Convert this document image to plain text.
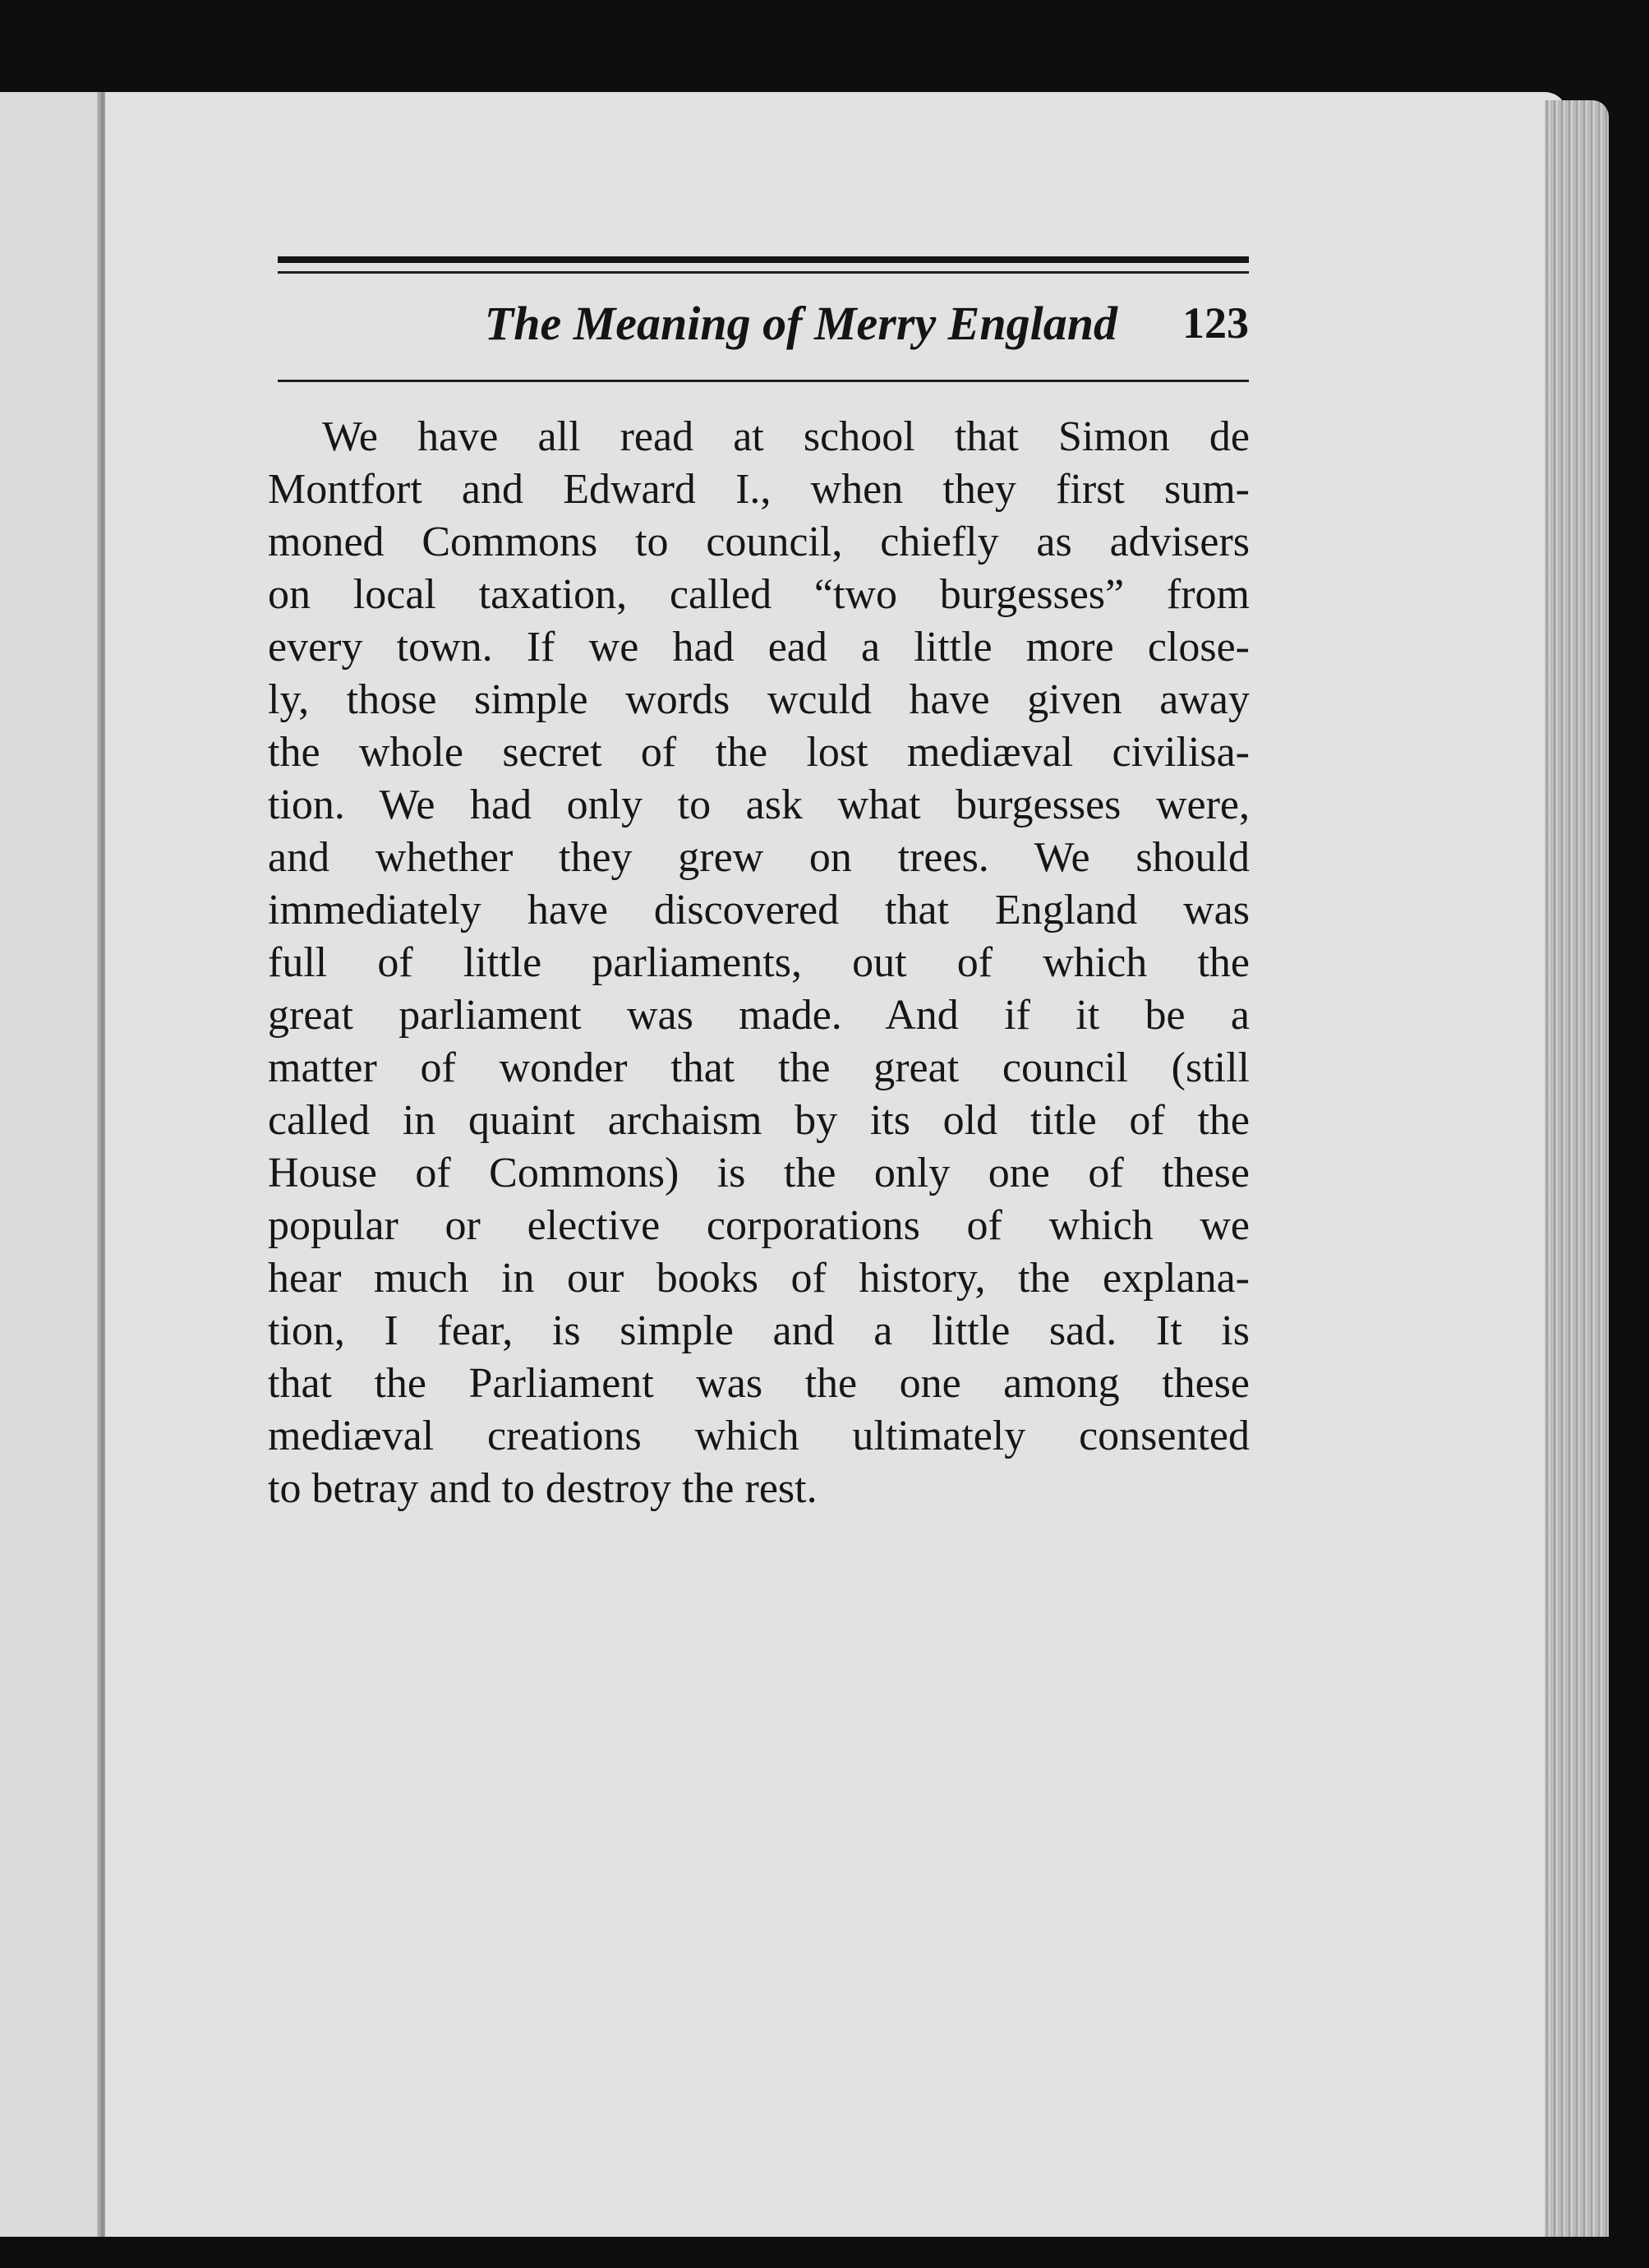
The Meaning of Merry England 123
We have all read at school that Simon de
Montfort and Edward I., when they first sum-
moned Commons to council, chiefly as advisers
on local taxation, called “two burgesses” from
every town. If we had ead a little more close-
ly, those simple words wculd have given away
the whole secret of the lost mediæval civilisa-
tion. We had only to ask what burgesses were,
and whether they grew on trees. We should
immediately have discovered that England was
full of little parliaments, out of which the
great parliament was made. And if it be a
matter of wonder that the great council (still
called in quaint archaism by its old title of the
House of Commons) is the only one of these
popular or elective corporations of which we
hear much in our books of history, the explana-
tion, I fear, is simple and a little sad. It is
that the Parliament was the one among these
mediæval creations which ultimately consented
to betray and to destroy the rest.
